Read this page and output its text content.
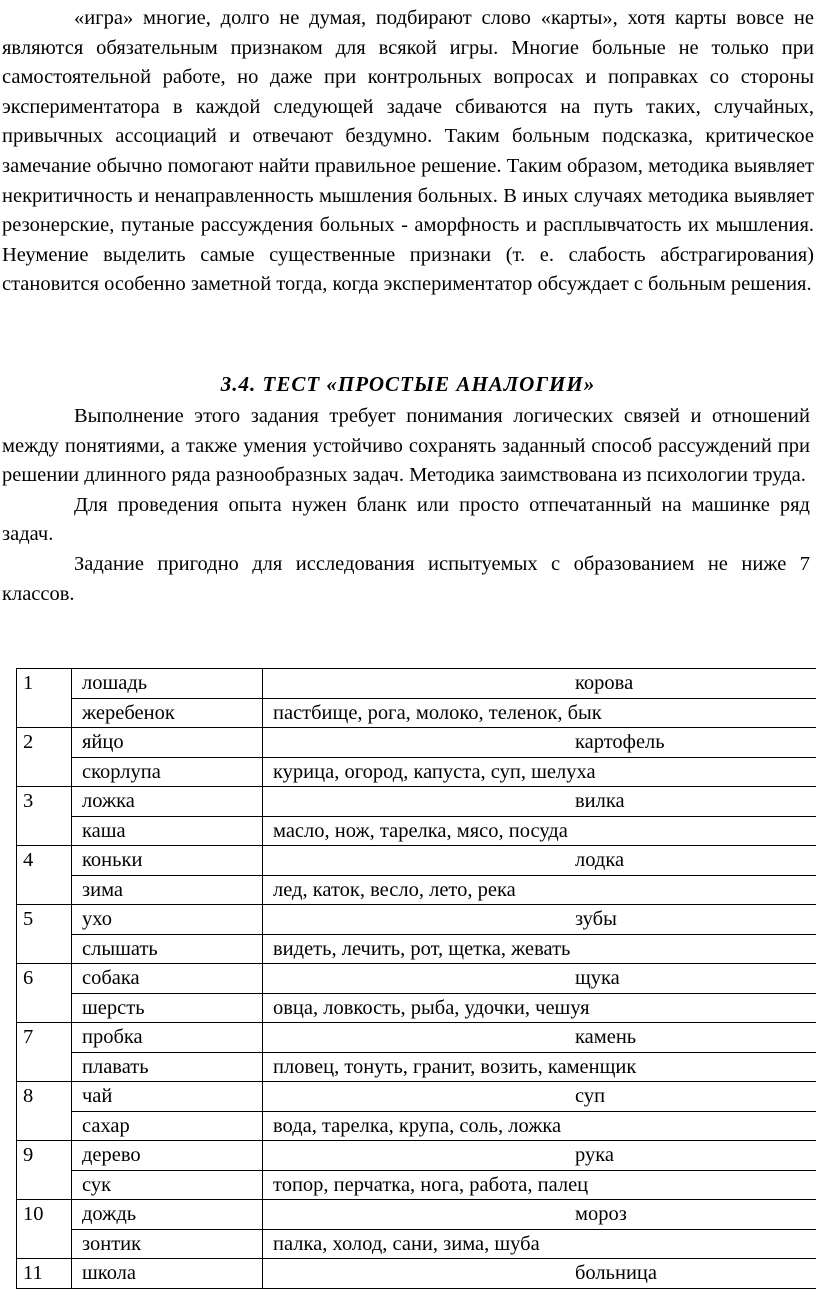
«игра» многие, долго не думая, подбирают слово «карты», хотя карты вовсе не являются обязательным признаком для всякой игры. Многие больные не только при самостоятельной работе, но даже при контрольных вопросах и поправках со стороны экспериментатора в каждой следующей задаче сбиваются на путь таких, случайных, привычных ассоциаций и отвечают бездумно. Таким больным подсказка, критическое замечание обычно помогают найти правильное решение. Таким образом, методика выявляет некритичность и ненаправленность мышления больных. В иных случаях методика выявляет резонерские, путаные рассуждения больных - аморфность и расплывчатость их мышления. Неумение выделить самые существенные признаки (т. е. слабость абстрагирования) становится особенно заметной тогда, когда экспериментатор обсуждает с больным решения.

3.4. ТЕСТ «ПРОСТЫЕ АНАЛОГИИ»

Выполнение этого задания требует понимания логических связей и отношений между понятиями, а также умения устойчиво сохранять заданный способ рассуждений при решении длинного ряда разнообразных задач. Методика заимствована из психологии труда.

Для проведения опыта нужен бланк или просто отпечатанный на машинке ряд задач.

Задание пригодно для исследования испытуемых с образованием не ниже 7 классов.

1	лошадь	корова
	жеребенок	пастбище, рога, молоко, теленок, бык
2	яйцо	картофель
	скорлупа	курица, огород, капуста, суп, шелуха
3	ложка	вилка
	каша	масло, нож, тарелка, мясо, посуда
4	коньки	лодка
	зима	лед, каток, весло, лето, река
5	ухо	зубы
	слышать	видеть, лечить, рот, щетка, жевать
6	собака	щука
	шерсть	овца, ловкость, рыба, удочки, чешуя
7	пробка	камень
	плавать	пловец, тонуть, гранит, возить, каменщик
8	чай	суп
	сахар	вода, тарелка, крупа, соль, ложка
9	дерево	рука
	сук	топор, перчатка, нога, работа, палец
10	дождь	мороз
	зонтик	палка, холод, сани, зима, шуба
11	школа	больница
